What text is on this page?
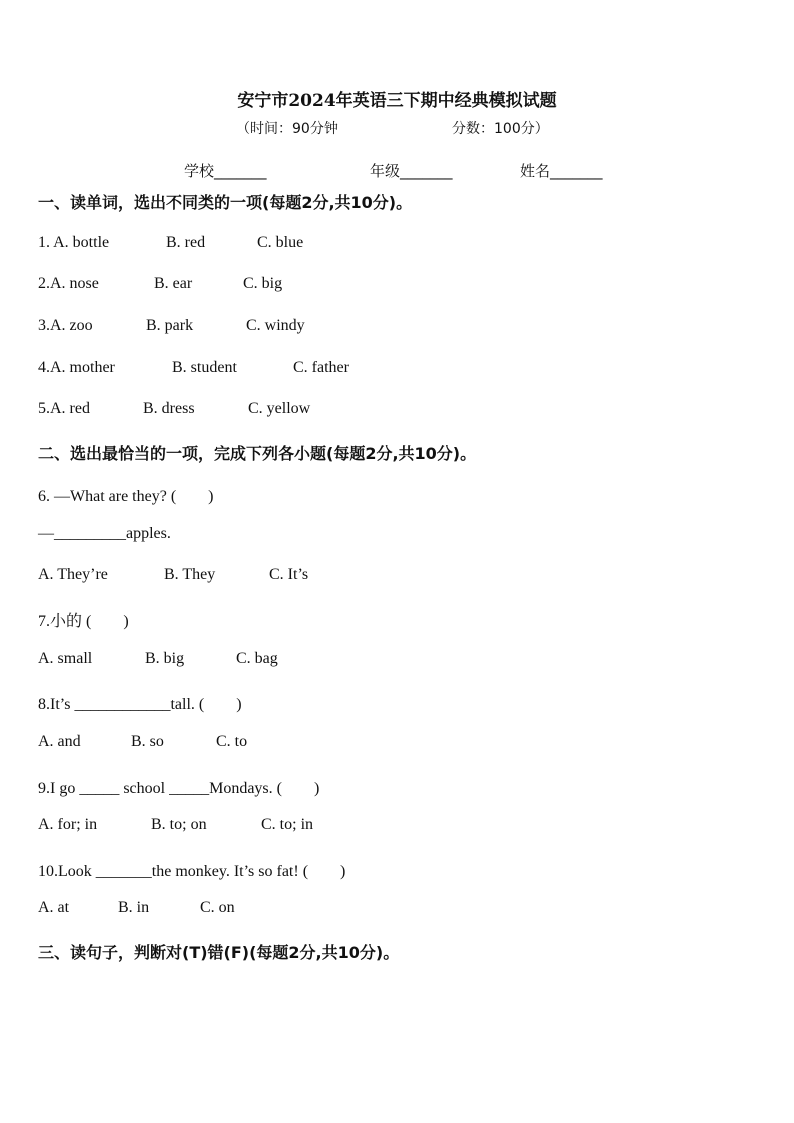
安宁市2024年英语三下期中经典模拟试题
（时间：90分钟	分数：100分）
学校_______	年级_______	姓名_______
一、读单词，选出不同类的一项(每题2分,共10分)。
1. A. bottle	B. red	C. blue
2.A. nose	B. ear	C. big
3.A. zoo	B. park	C. windy
4.A. mother	B. student	C. father
5.A. red	B. dress	C. yellow
二、选出最恰当的一项，完成下列各小题(每题2分,共10分)。
6. —What are they? (　　)
—_________apples.
A. They’re	B. They	C. It’s
7.小的 (　　)
A. small	B. big	C. bag
8.It’s ____________tall. (　　)
A. and	B. so	C. to
9.I go _____ school _____Mondays. (　　)
A. for; in	B. to; on	C. to; in
10.Look _______the monkey. It’s so fat! (　　)
A. at	B. in	C. on
三、读句子，判断对(T)错(F)(每题2分,共10分)。
